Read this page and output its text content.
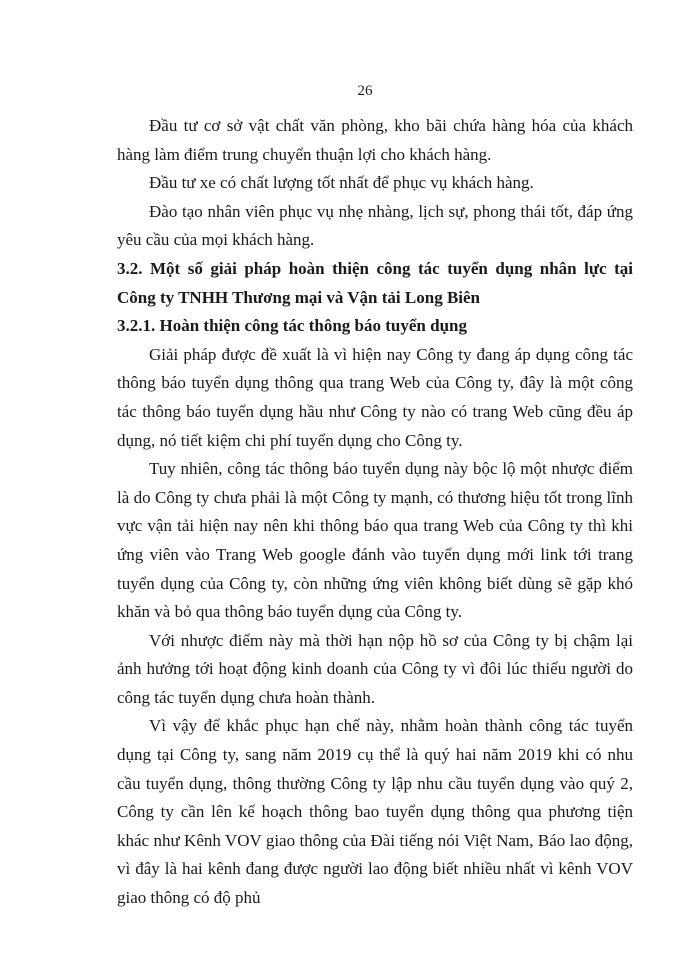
26

Đầu tư cơ sở vật chất văn phòng, kho bãi chứa hàng hóa của khách hàng làm điểm trung chuyển thuận lợi cho khách hàng.

Đầu tư xe có chất lượng tốt nhất để phục vụ khách hàng.

Đào tạo nhân viên phục vụ nhẹ nhàng, lịch sự, phong thái tốt, đáp ứng yêu cầu của mọi khách hàng.

3.2. Một số giải pháp hoàn thiện công tác tuyển dụng nhân lực tại Công ty TNHH Thương mại và Vận tải Long Biên

3.2.1. Hoàn thiện công tác thông báo tuyển dụng

Giải pháp được đề xuất là vì hiện nay Công ty đang áp dụng công tác thông báo tuyển dụng thông qua trang Web của Công ty, đây là một công tác thông báo tuyển dụng hầu như Công ty nào có trang Web cũng đều áp dụng, nó tiết kiệm chi phí tuyển dụng cho Công ty.

Tuy nhiên, công tác thông báo tuyển dụng này bộc lộ một nhược điểm là do Công ty chưa phải là một Công ty mạnh, có thương hiệu tốt trong lĩnh vực vận tải hiện nay nên khi thông báo qua trang Web của Công ty thì khi ứng viên vào Trang Web google đánh vào tuyển dụng mới link tới trang tuyển dụng của Công ty, còn những ứng viên không biết dùng sẽ gặp khó khăn và bỏ qua thông báo tuyển dụng của Công ty.

Với nhược điểm này mà thời hạn nộp hồ sơ của Công ty bị chậm lại ảnh hưởng tới hoạt động kinh doanh của Công ty vì đôi lúc thiếu người do công tác tuyển dụng chưa hoàn thành.

Vì vậy để khắc phục hạn chế này, nhằm hoàn thành công tác tuyển dụng tại Công ty, sang năm 2019 cụ thể là quý hai năm 2019 khi có nhu cầu tuyển dụng, thông thường Công ty lập nhu cầu tuyển dụng vào quý 2, Công ty cần lên kế hoạch thông bao tuyển dụng thông qua phương tiện khác như Kênh VOV giao thông của Đài tiếng nói Việt Nam, Báo lao động, vì đây là hai kênh đang được người lao động biết nhiều nhất vì kênh VOV giao thông có độ phủ
